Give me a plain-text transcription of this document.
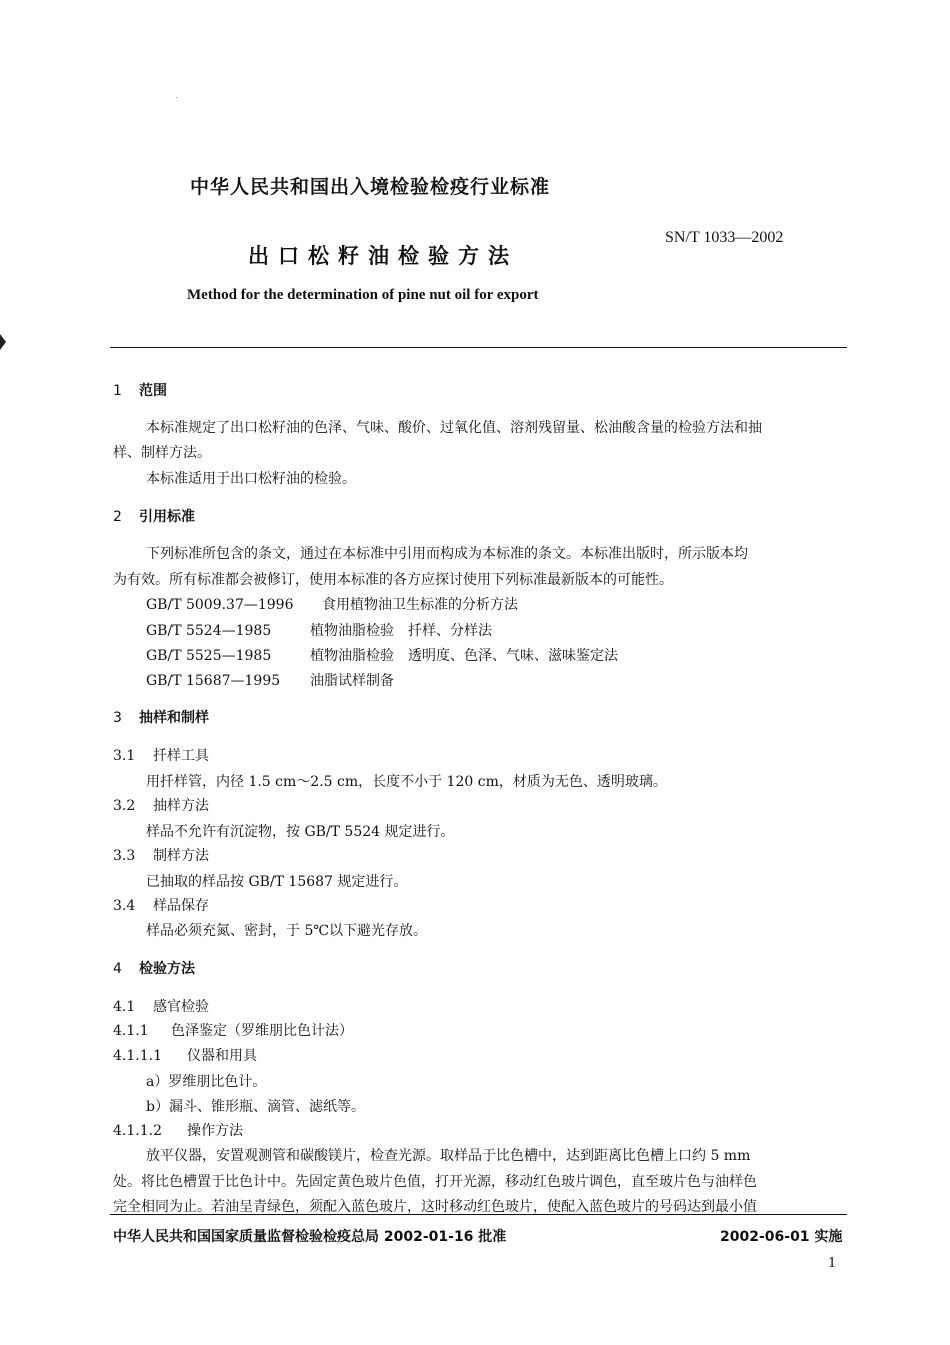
中华人民共和国出入境检验检疫行业标准
SN/T 1033—2002
出口松籽油检验方法
Method for the determination of pine nut oil for export
1 范围
本标准规定了出口松籽油的色泽、气味、酸价、过氧化值、溶剂残留量、松油酸含量的检验方法和抽
样、制样方法。
本标准适用于出口松籽油的检验。
2 引用标准
下列标准所包含的条文，通过在本标准中引用而构成为本标准的条文。本标准出版时，所示版本均
为有效。所有标准都会被修订，使用本标准的各方应探讨使用下列标准最新版本的可能性。
GB/T 5009.37—1996 食用植物油卫生标准的分析方法
GB/T 5524—1985	植物油脂检验　扦样、分样法
GB/T 5525—1985	植物油脂检验　透明度、色泽、气味、滋味鉴定法
GB/T 15687—1995 油脂试样制备
3 抽样和制样
3.1 扦样工具
用扦样管，内径 1.5 cm～2.5 cm，长度不小于 120 cm，材质为无色、透明玻璃。
3.2 抽样方法
样品不允许有沉淀物，按 GB/T 5524 规定进行。
3.3 制样方法
已抽取的样品按 GB/T 15687 规定进行。
3.4 样品保存
样品必须充氮、密封，于 5℃以下避光存放。
4 检验方法
4.1 感官检验
4.1.1 色泽鉴定（罗维朋比色计法）
4.1.1.1 仪器和用具
a）罗维朋比色计。
b）漏斗、锥形瓶、滴管、滤纸等。
4.1.1.2 操作方法
放平仪器，安置观测管和碳酸镁片，检查光源。取样品于比色槽中，达到距离比色槽上口约 5 mm
处。将比色槽置于比色计中。先固定黄色玻片色值，打开光源，移动红色玻片调色，直至玻片色与油样色
完全相同为止。若油呈青绿色，须配入蓝色玻片，这时移动红色玻片，使配入蓝色玻片的号码达到最小值
中华人民共和国国家质量监督检验检疫总局 2002-01-16 批准	2002-06-01 实施
1
